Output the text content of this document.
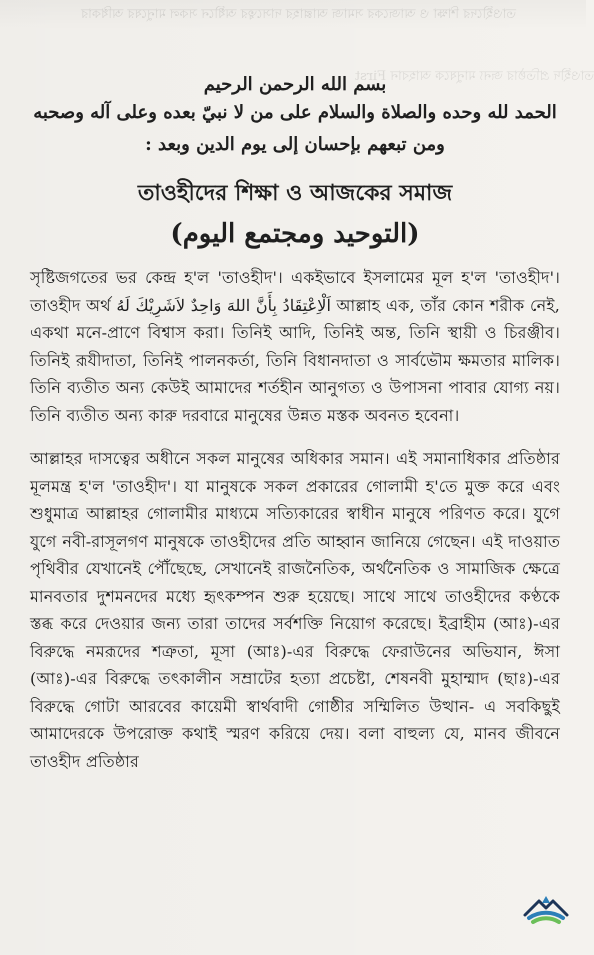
তাওহীদের শিক্ষা ও আজকের সমাজ আল্লাহর দাসত্বের অধীনে সকল মানুষের অধিকার
তাওহীদ প্রতিষ্ঠার জন্য মানুষকে আহবান First
بسم الله الرحمن الرحيم
الحمد لله وحده والصلاة والسلام على من لا نبيّ بعده وعلى آله وصحبه
ومن تبعهم بإحسان إلى يوم الدين وبعد :
তাওহীদের শিক্ষা ও আজকের সমাজ
(التوحيد ومجتمع اليوم)

সৃষ্টিজগতের ভর কেন্দ্র হ'ল 'তাওহীদ'। একইভাবে ইসলামের মূল হ'ল 'তাওহীদ'। তাওহীদ অর্থ اَلْاِعْتِقَادُ بِأَنَّ اللهَ وَاحِدٌ لاَشَرِيْكَ لَهُ আল্লাহ এক, তাঁর কোন শরীক নেই, একথা মনে-প্রাণে বিশ্বাস করা। তিনিই আদি, তিনিই অন্ত, তিনি স্থায়ী ও চিরঞ্জীব। তিনিই রূযীদাতা, তিনিই পালনকর্তা, তিনি বিধানদাতা ও সার্বভৌম ক্ষমতার মালিক। তিনি ব্যতীত অন্য কেউই আমাদের শর্তহীন আনুগত্য ও উপাসনা পাবার যোগ্য নয়। তিনি ব্যতীত অন্য কারু দরবারে মানুষের উন্নত মস্তক অবনত হবেনা।

আল্লাহর দাসত্বের অধীনে সকল মানুষের অধিকার সমান। এই সমানাধিকার প্রতিষ্ঠার মূলমন্ত্র হ'ল 'তাওহীদ'। যা মানুষকে সকল প্রকারের গোলামী হ'তে মুক্ত করে এবং শুধুমাত্র আল্লাহর গোলামীর মাধ্যমে সত্যিকারের স্বাধীন মানুষে পরিণত করে। যুগে যুগে নবী-রাসূলগণ মানুষকে তাওহীদের প্রতি আহ্বান জানিয়ে গেছেন। এই দাওয়াত পৃথিবীর যেখানেই পৌঁছেছে, সেখানেই রাজনৈতিক, অর্থনৈতিক ও সামাজিক ক্ষেত্রে মানবতার দুশমনদের মধ্যে হৃৎকম্পন শুরু হয়েছে। সাথে সাথে তাওহীদের কণ্ঠকে স্তব্ধ করে দেওয়ার জন্য তারা তাদের সর্বশক্তি নিয়োগ করেছে। ইব্রাহীম (আঃ)-এর বিরুদ্ধে নমরূদের শত্রুতা, মূসা (আঃ)-এর বিরুদ্ধে ফেরাউনের অভিযান, ঈসা (আঃ)-এর বিরুদ্ধে তৎকালীন সম্রাটের হত্যা প্রচেষ্টা, শেষনবী মুহাম্মাদ (ছাঃ)-এর বিরুদ্ধে গোটা আরবের কায়েমী স্বার্থবাদী গোষ্ঠীর সম্মিলিত উত্থান- এ সবকিছুই আমাদেরকে উপরোক্ত কথাই স্মরণ করিয়ে দেয়। বলা বাহুল্য যে, মানব জীবনে তাওহীদ প্রতিষ্ঠার
